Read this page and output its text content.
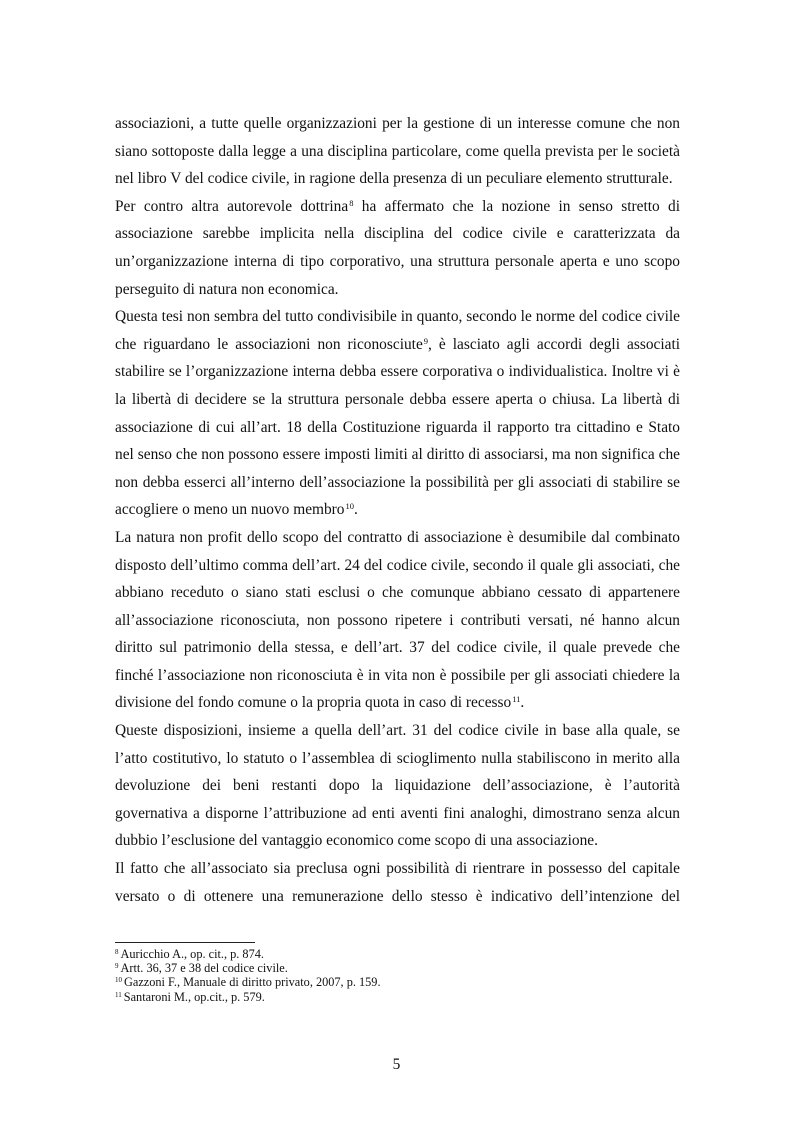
associazioni, a tutte quelle organizzazioni per la gestione di un interesse comune che non siano sottoposte dalla legge a una disciplina particolare, come quella prevista per le società nel libro V del codice civile, in ragione della presenza di un peculiare elemento strutturale.

Per contro altra autorevole dottrina$^8$ ha affermato che la nozione in senso stretto di associazione sarebbe implicita nella disciplina del codice civile e caratterizzata da un’organizzazione interna di tipo corporativo, una struttura personale aperta e uno scopo perseguito di natura non economica.

Questa tesi non sembra del tutto condivisibile in quanto, secondo le norme del codice civile che riguardano le associazioni non riconosciute$^9$, è lasciato agli accordi degli associati stabilire se l’organizzazione interna debba essere corporativa o individualistica. Inoltre vi è la libertà di decidere se la struttura personale debba essere aperta o chiusa. La libertà di associazione di cui all’art. 18 della Costituzione riguarda il rapporto tra cittadino e Stato nel senso che non possono essere imposti limiti al diritto di associarsi, ma non significa che non debba esserci all’interno dell’associazione la possibilità per gli associati di stabilire se accogliere o meno un nuovo membro$^{10}$.

La natura non profit dello scopo del contratto di associazione è desumibile dal combinato disposto dell’ultimo comma dell’art. 24 del codice civile, secondo il quale gli associati, che abbiano receduto o siano stati esclusi o che comunque abbiano cessato di appartenere all’associazione riconosciuta, non possono ripetere i contributi versati, né hanno alcun diritto sul patrimonio della stessa, e dell’art. 37 del codice civile, il quale prevede che finché l’associazione non riconosciuta è in vita non è possibile per gli associati chiedere la divisione del fondo comune o la propria quota in caso di recesso$^{11}$.

Queste disposizioni, insieme a quella dell’art. 31 del codice civile in base alla quale, se l’atto costitutivo, lo statuto o l’assemblea di scioglimento nulla stabiliscono in merito alla devoluzione dei beni restanti dopo la liquidazione dell’associazione, è l’autorità governativa a disporne l’attribuzione ad enti aventi fini analoghi, dimostrano senza alcun dubbio l’esclusione del vantaggio economico come scopo di una associazione.

Il fatto che all’associato sia preclusa ogni possibilità di rientrare in possesso del capitale versato o di ottenere una remunerazione dello stesso è indicativo dell’intenzione del

$^8$ Auricchio A., op. cit., p. 874.

$^9$ Artt. 36, 37 e 38 del codice civile.

$^{10}$ Gazzoni F., Manuale di diritto privato, 2007, p. 159.

$^{11}$ Santaroni M., op.cit., p. 579.

5
